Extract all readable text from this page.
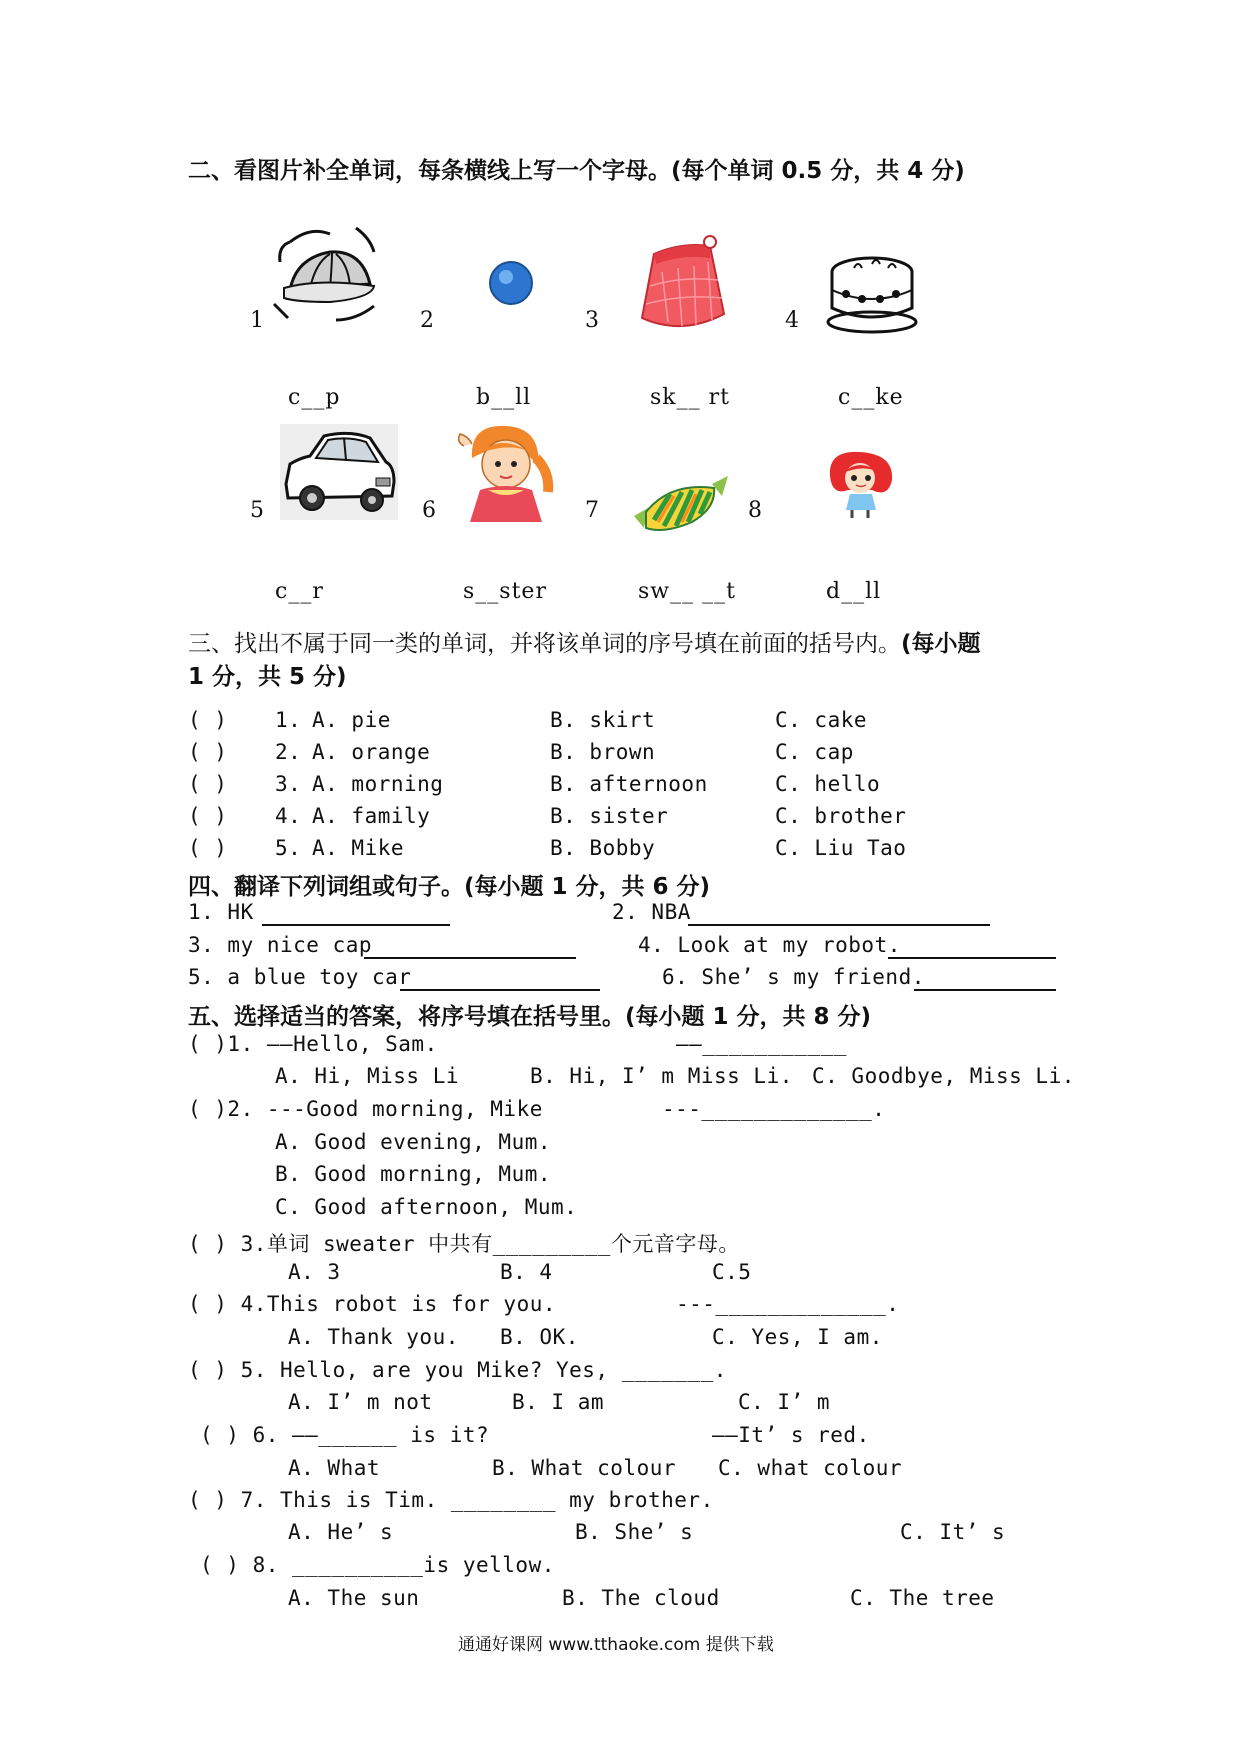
二、看图片补全单词，每条横线上写一个字母。(每个单词 0.5 分，共 4 分)
1	2	3	4
c__p	b__ll	sk__ rt	c__ke
5	6	7	8
c__r	s__ster	sw__ __t	d__ll
三、找出不属于同一类的单词，并将该单词的序号填在前面的括号内。(每小题
1 分，共 5 分)
( ) 1. A. pie	B. skirt	C. cake
( ) 2. A. orange	B. brown	C. cap
( ) 3. A. morning	B. afternoon	C. hello
( ) 4. A. family	B. sister	C. brother
( ) 5. A. Mike	B. Bobby	C. Liu Tao
四、翻译下列词组或句子。(每小题 1 分，共 6 分)
1. HK	2. NBA
3. my nice cap	4. Look at my robot.
5. a blue toy car	6. She’ s my friend.
五、选择适当的答案，将序号填在括号里。(每小题 1 分，共 8 分)
( )1. ——Hello, Sam.	——___________
A. Hi, Miss Li	B. Hi, I’ m Miss Li. C. Goodbye, Miss Li.
( )2. ---Good morning, Mike	---_____________.
A. Good evening, Mum.
B. Good morning, Mum.
C. Good afternoon, Mum.
( ) 3.单词 sweater 中共有_________个元音字母。
A. 3	B. 4	C.5
( ) 4.This robot is for you.	---_____________.
A. Thank you. B. OK.	C. Yes, I am.
( ) 5. Hello, are you Mike? Yes, _______.
A. I’ m not	B. I am	C. I’ m
( ) 6. ——______ is it?	——It’ s red.
A. What	B. What colour C. what colour
( ) 7. This is Tim. ________ my brother.
A. He’ s	B. She’ s	C. It’ s
( ) 8. __________is yellow.
A. The sun	B. The cloud	C. The tree
通通好课网 www.tthaoke.com 提供下载
